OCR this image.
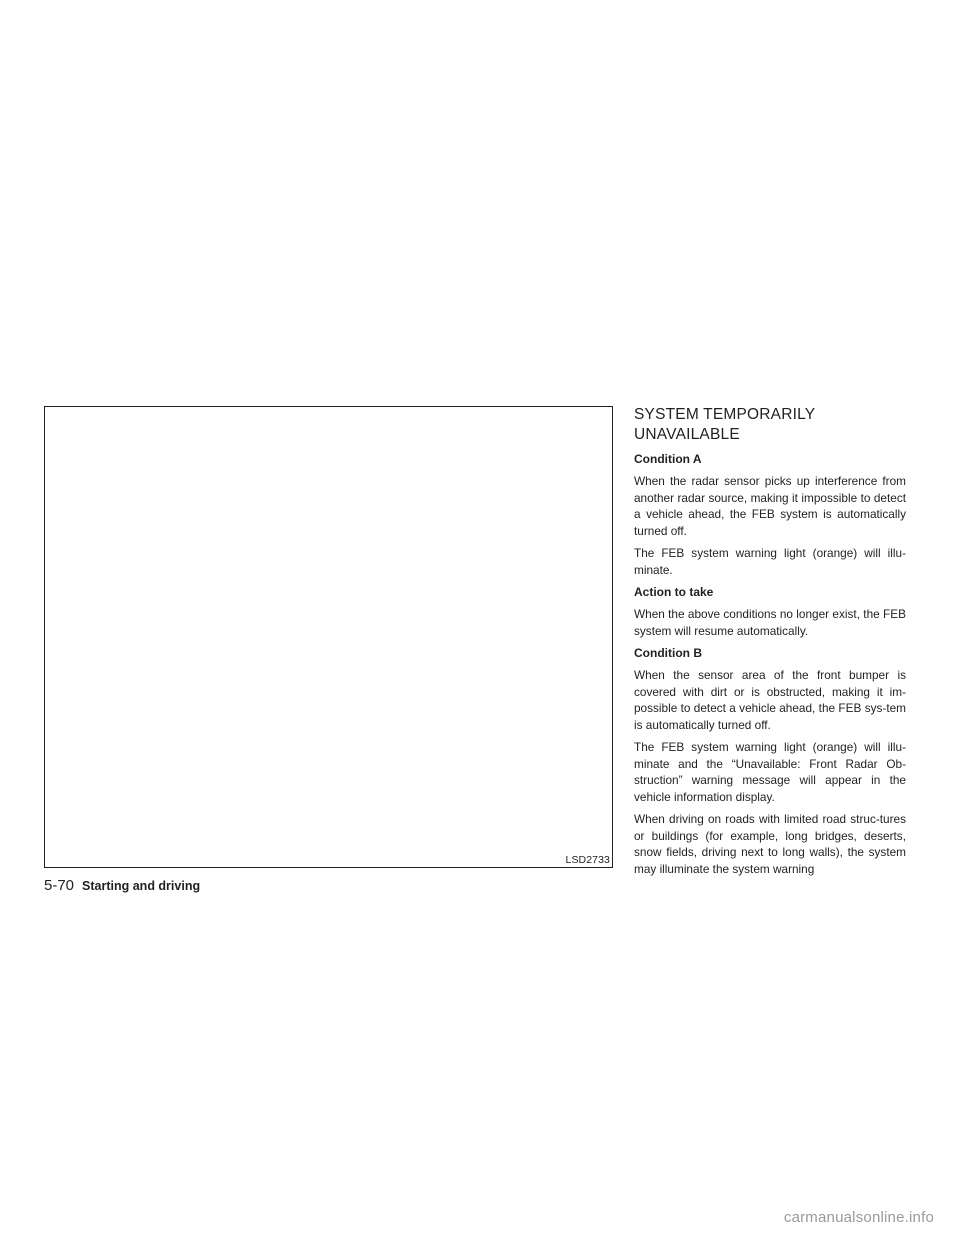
LSD2733
SYSTEM TEMPORARILY
UNAVAILABLE
Condition A

When the radar sensor picks up interference from another radar source, making it impossible to detect a vehicle ahead, the FEB system is automatically turned off.

The FEB system warning light (orange) will illu-minate.

Action to take

When the above conditions no longer exist, the FEB system will resume automatically.

Condition B

When the sensor area of the front bumper is covered with dirt or is obstructed, making it im-possible to detect a vehicle ahead, the FEB sys-tem is automatically turned off.

The FEB system warning light (orange) will illu-minate and the “Unavailable: Front Radar Ob-struction” warning message will appear in the vehicle information display.

When driving on roads with limited road struc-tures or buildings (for example, long bridges, deserts, snow fields, driving next to long walls), the system may illuminate the system warning

5-70 Starting and driving
carmanualsonline.info
